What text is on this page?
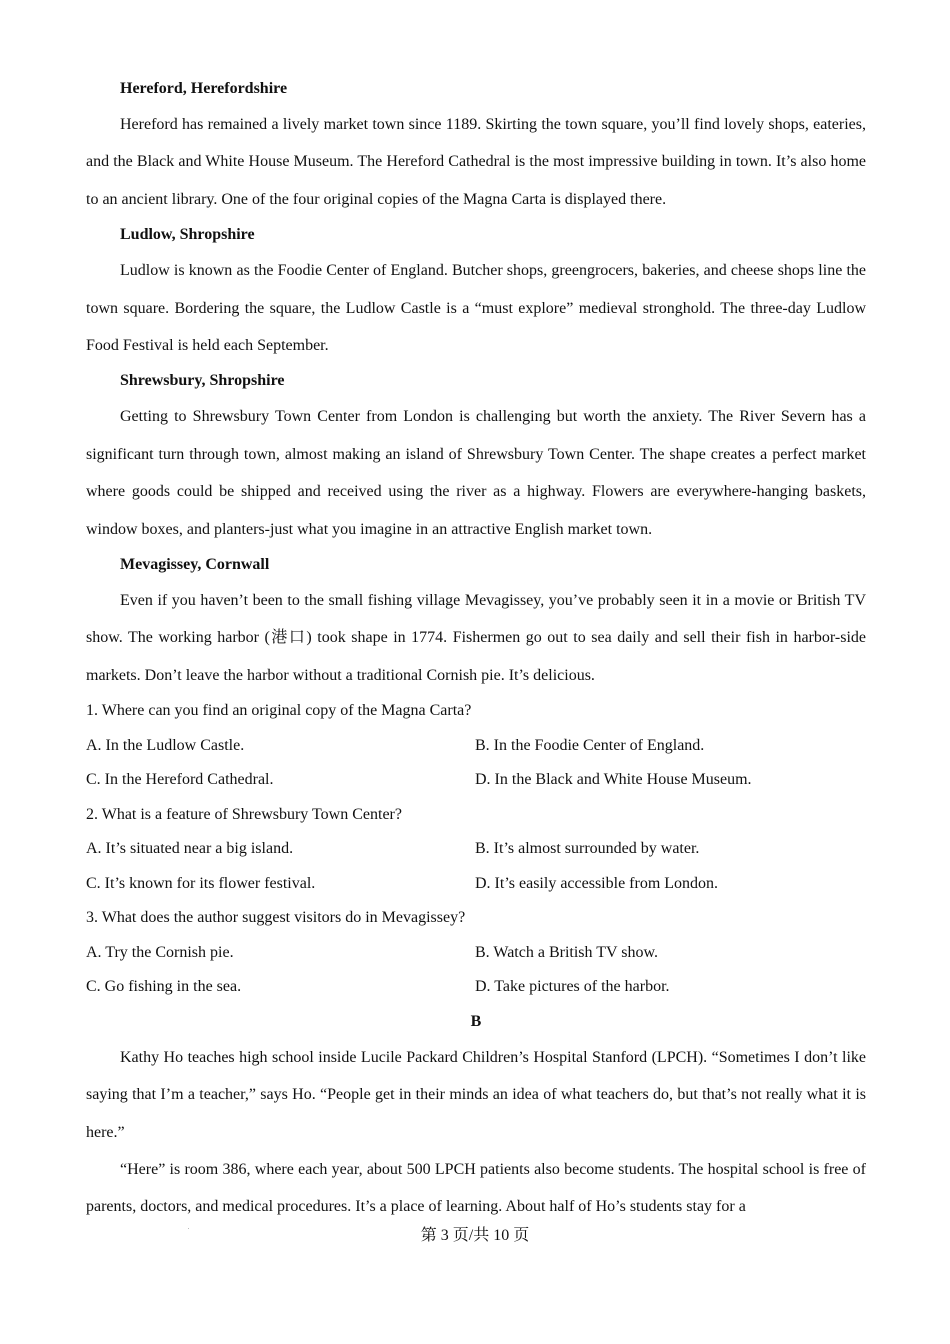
Hereford, Herefordshire

Hereford has remained a lively market town since 1189. Skirting the town square, you’ll find lovely shops, eateries, and the Black and White House Museum. The Hereford Cathedral is the most impressive building in town. It’s also home to an ancient library. One of the four original copies of the Magna Carta is displayed there.

Ludlow, Shropshire

Ludlow is known as the Foodie Center of England. Butcher shops, greengrocers, bakeries, and cheese shops line the town square. Bordering the square, the Ludlow Castle is a “must explore” medieval stronghold. The three-day Ludlow Food Festival is held each September.

Shrewsbury, Shropshire

Getting to Shrewsbury Town Center from London is challenging but worth the anxiety. The River Severn has a significant turn through town, almost making an island of Shrewsbury Town Center. The shape creates a perfect market where goods could be shipped and received using the river as a highway. Flowers are everywhere-hanging baskets, window boxes, and planters-just what you imagine in an attractive English market town.

Mevagissey, Cornwall

Even if you haven’t been to the small fishing village Mevagissey, you’ve probably seen it in a movie or British TV show. The working harbor (港口) took shape in 1774. Fishermen go out to sea daily and sell their fish in harbor-side markets. Don’t leave the harbor without a traditional Cornish pie. It’s delicious.

1. Where can you find an original copy of the Magna Carta?

A. In the Ludlow Castle.	B. In the Foodie Center of England.
C. In the Hereford Cathedral.	D. In the Black and White House Museum.

2. What is a feature of Shrewsbury Town Center?

A. It’s situated near a big island.	B. It’s almost surrounded by water.
C. It’s known for its flower festival.	D. It’s easily accessible from London.

3. What does the author suggest visitors do in Mevagissey?

A. Try the Cornish pie.	B. Watch a British TV show.
C. Go fishing in the sea.	D. Take pictures of the harbor.

B

Kathy Ho teaches high school inside Lucile Packard Children’s Hospital Stanford (LPCH). “Sometimes I don’t like saying that I’m a teacher,” says Ho. “People get in their minds an idea of what teachers do, but that’s not really what it is here.”

“Here” is room 386, where each year, about 500 LPCH patients also become students. The hospital school is free of parents, doctors, and medical procedures. It’s a place of learning. About half of Ho’s students stay for a

第 3 页/共 10 页
